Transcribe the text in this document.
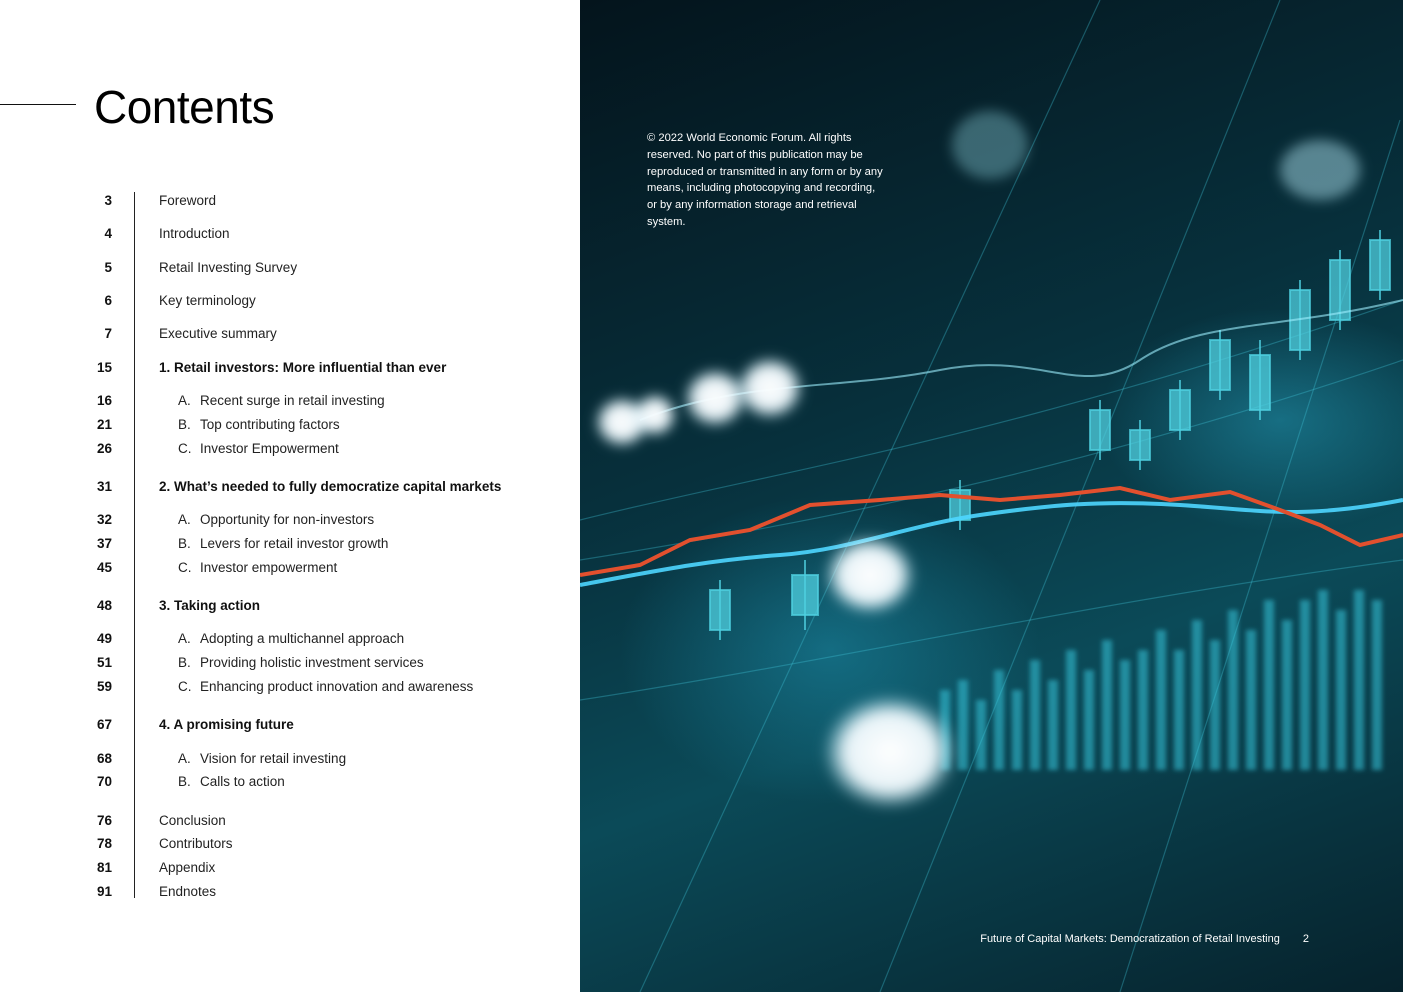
Contents
3	Foreword
4	Introduction
5	Retail Investing Survey
6	Key terminology
7	Executive summary
15	1. Retail investors: More influential than ever
16	A. Recent surge in retail investing
21	B. Top contributing factors
26	C. Investor Empowerment
31	2. What’s needed to fully democratize capital markets
32	A. Opportunity for non-investors
37	B. Levers for retail investor growth
45	C. Investor empowerment
48	3. Taking action
49	A. Adopting a multichannel approach
51	B. Providing holistic investment services
59	C. Enhancing product innovation and awareness
67	4. A promising future
68	A. Vision for retail investing
70	B. Calls to action
76	Conclusion
78	Contributors
81	Appendix
91	Endnotes

© 2022 World Economic Forum. All rights reserved. No part of this publication may be reproduced or transmitted in any form or by any means, including photocopying and recording, or by any information storage and retrieval system.

Future of Capital Markets: Democratization of Retail Investing 2
